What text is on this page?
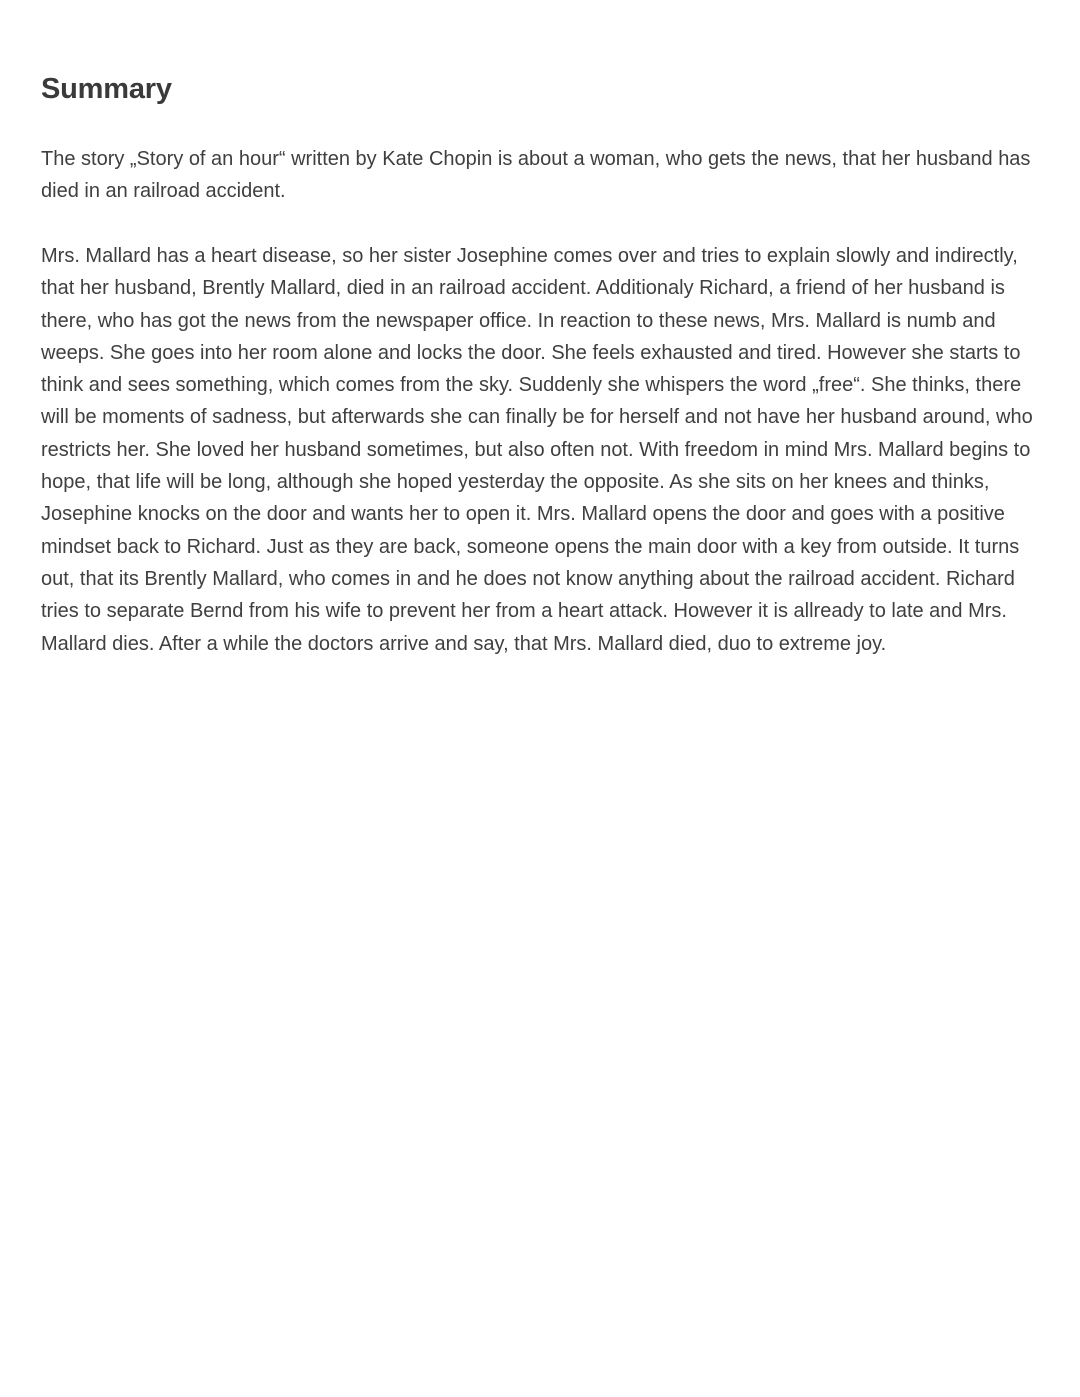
Summary

The story „Story of an hour“ written by Kate Chopin is about a woman, who gets the news, that her husband has died in an railroad accident.

Mrs. Mallard has a heart disease, so her sister Josephine comes over and tries to explain slowly and indirectly, that her husband, Brently Mallard, died in an railroad accident. Additionaly Richard, a friend of her husband is there, who has got the news from the newspaper office. In reaction to these news, Mrs. Mallard is numb and weeps. She goes into her room alone and locks the door. She feels exhausted and tired. However she starts to think and sees something, which comes from the sky. Suddenly she whispers the word „free“. She thinks, there will be moments of sadness, but afterwards she can finally be for herself and not have her husband around, who restricts her. She loved her husband sometimes, but also often not. With freedom in mind Mrs. Mallard begins to hope, that life will be long, although she hoped yesterday the opposite. As she sits on her knees and thinks, Josephine knocks on the door and wants her to open it. Mrs. Mallard opens the door and goes with a positive mindset back to Richard. Just as they are back, someone opens the main door with a key from outside. It turns out, that its Brently Mallard, who comes in and he does not know anything about the railroad accident. Richard tries to separate Bernd from his wife to prevent her from a heart attack. However it is allready to late and Mrs. Mallard dies. After a while the doctors arrive and say, that Mrs. Mallard died, duo to extreme joy.
